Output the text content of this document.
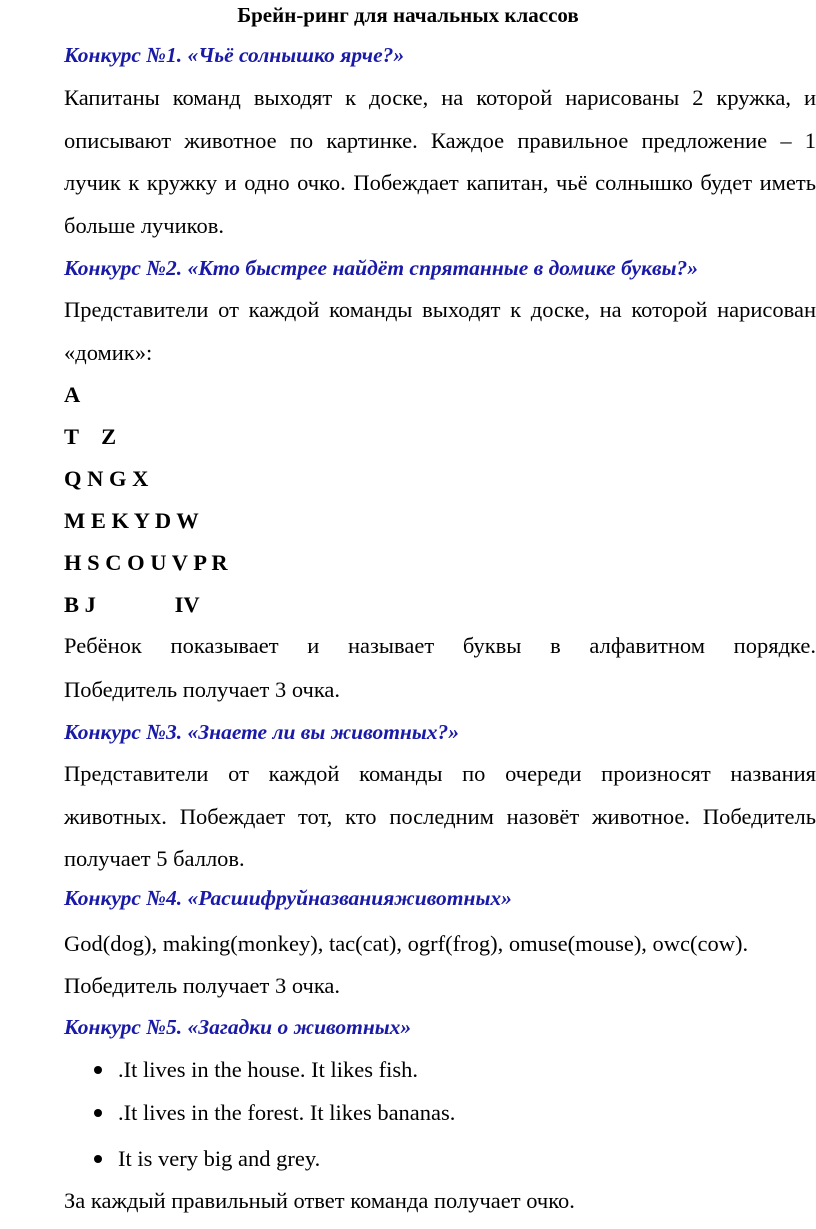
Брейн-ринг для начальных классов

Конкурс №1. «Чьё солнышко ярче?»

Капитаны команд выходят к доске, на которой нарисованы 2 кружка, и описывают животное по картинке. Каждое правильное предложение – 1 лучик к кружку и одно очко. Побеждает капитан, чьё солнышко будет иметь больше лучиков.

Конкурс №2. «Кто быстрее найдёт спрятанные в домике буквы?»

Представители от каждой команды выходят к доске, на которой нарисован «домик»:

A

T    Z

Q N G X

M E K Y D W

H S C O U V P R

B J              IV

Ребёнок показывает и называет буквы в алфавитном порядке.

Победитель получает 3 очка.

Конкурс №3. «Знаете ли вы животных?»

Представители от каждой команды по очереди произносят названия животных. Побеждает тот, кто последним назовёт животное. Победитель получает 5 баллов.

Конкурс №4. «Расшифруйназванияживотных»

God(dog), making(monkey), tac(cat), ogrf(frog), omuse(mouse), owc(cow).

Победитель получает 3 очка.

Конкурс №5. «Загадки о животных»

.It lives in the house. It likes fish.

.It lives in the forest. It likes bananas.

It is very big and grey.

За каждый правильный ответ команда получает очко.
